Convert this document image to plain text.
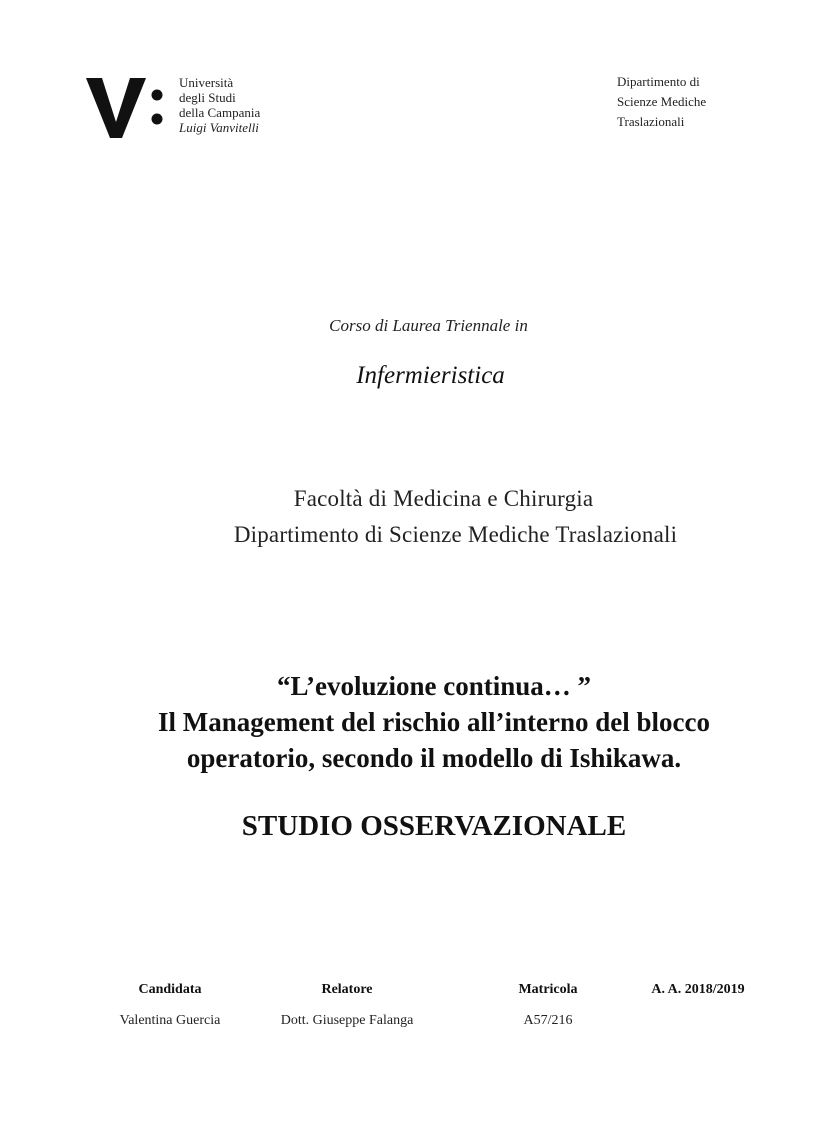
Università
degli Studi
della Campania
Luigi Vanvitelli
Dipartimento di
Scienze Mediche
Traslazionali
Corso di Laurea Triennale in
Infermieristica
Facoltà di Medicina e Chirurgia
Dipartimento di Scienze Mediche Traslazionali
“L’evoluzione continua… ”
Il Management del rischio all’interno del blocco
operatorio, secondo il modello di Ishikawa.
STUDIO OSSERVAZIONALE
Candidata	Relatore	Matricola	A. A. 2018/2019
Valentina Guercia	Dott. Giuseppe Falanga	A57/216
